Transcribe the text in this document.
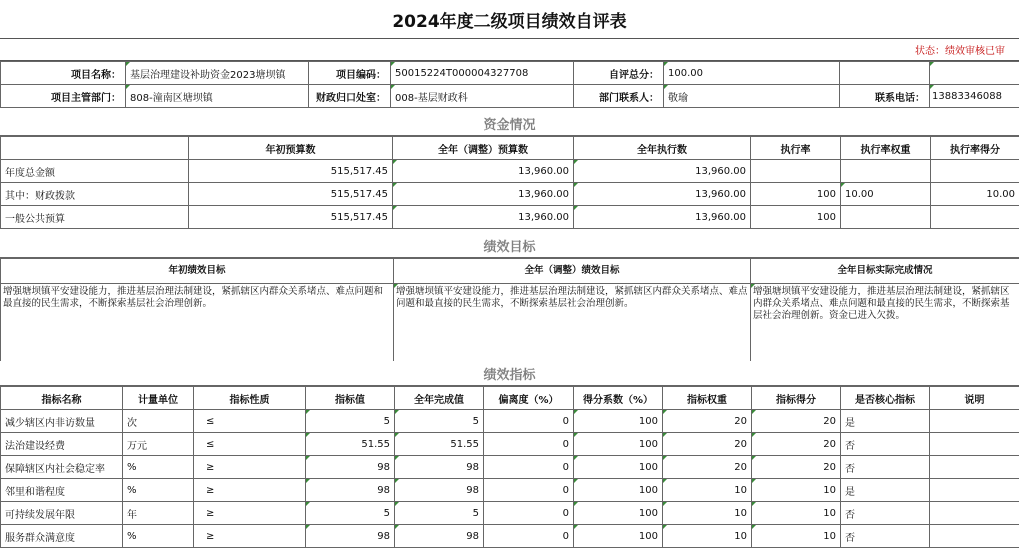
2024年度二级项目绩效自评表
状态：绩效审核已审
项目名称：	基层治理建设补助资金2023塘坝镇	项目编码：	50015224T000004327708	自评总分：	100.00		
项目主管部门：	808-潼南区塘坝镇	财政归口处室：	008-基层财政科	部门联系人：	敬瑜	联系电话：	13883346088
资金情况
	年初预算数	全年（调整）预算数	全年执行数	执行率	执行率权重	执行率得分
年度总金额	515,517.45	13,960.00	13,960.00			
其中：财政拨款	515,517.45	13,960.00	13,960.00	100	10.00	10.00
一般公共预算	515,517.45	13,960.00	13,960.00	100		
绩效目标
年初绩效目标	全年（调整）绩效目标	全年目标实际完成情况
增强塘坝镇平安建设能力，推进基层治理法制建设，紧抓辖区内群众关系堵点、难点问题和最直接的民生需求，不断探索基层社会治理创新。	增强塘坝镇平安建设能力，推进基层治理法制建设，紧抓辖区内群众关系堵点、难点问题和最直接的民生需求，不断探索基层社会治理创新。	增强塘坝镇平安建设能力，推进基层治理法制建设，紧抓辖区内群众关系堵点、难点问题和最直接的民生需求，不断探索基层社会治理创新。资金已进入欠拨。
绩效指标
指标名称	计量单位	指标性质	指标值	全年完成值	偏离度（%）	得分系数（%）	指标权重	指标得分	是否核心指标	说明
减少辖区内非访数量	次	≤	5	5	0	100	20	20	是	
法治建设经费	万元	≤	51.55	51.55	0	100	20	20	否	
保障辖区内社会稳定率	%	≥	98	98	0	100	20	20	否	
邻里和谐程度	%	≥	98	98	0	100	10	10	是	
可持续发展年限	年	≥	5	5	0	100	10	10	否	
服务群众满意度	%	≥	98	98	0	100	10	10	否	
